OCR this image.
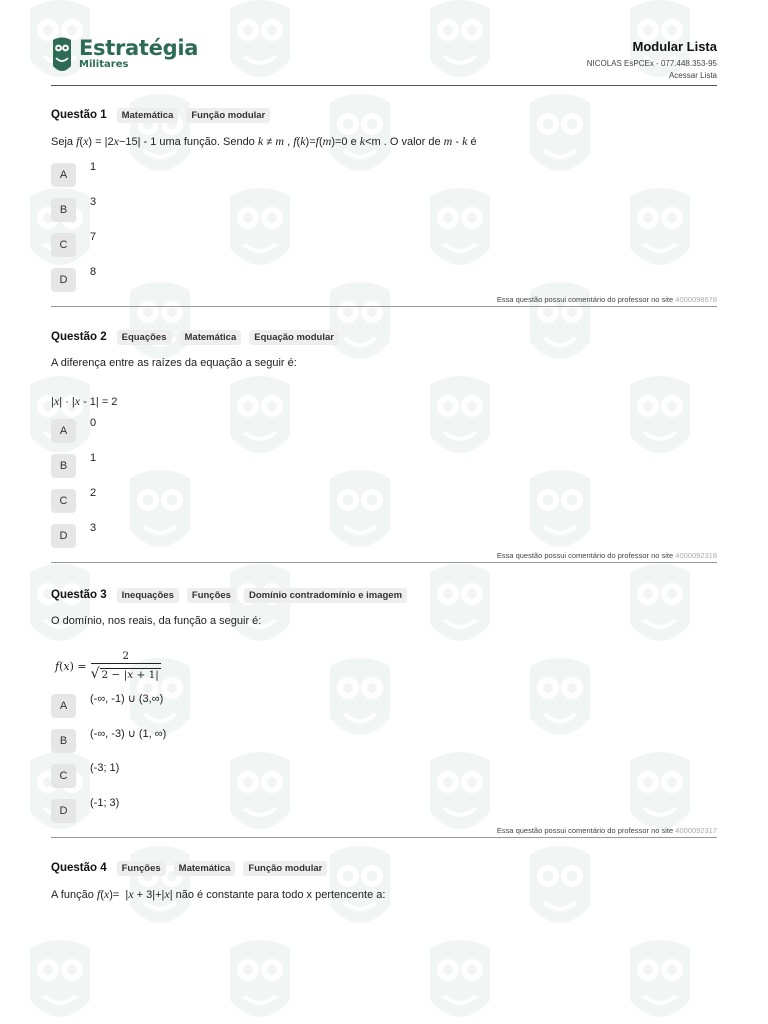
Estratégia
Militares
Modular Lista
NICOLAS EsPCEx - 077.448.353-95
Acessar Lista
Questão 1	Matemática	Função modular
Seja f(x) = |2x−15| - 1 uma função. Sendo k ≠ m , f(k)=f(m)=0 e k<m . O valor de m - k é
A
1
B
3
C
7
D
8
Essa questão possui comentário do professor no site 4000098678
Questão 2	Equações	Matemática	Equação modular
A diferença entre as raízes da equação a seguir é:
|x| · |x - 1| = 2
A
0
B
1
C
2
D
3
Essa questão possui comentário do professor no site 4000092318
Questão 3	Inequações	Funções	Domínio contradomínio e imagem
O domínio, nos reais, da função a seguir é:
$f(x) = \frac{2}{√ 2 - |x + 1|}$
A
(-∞, -1) ∪ (3,∞)
B
(-∞, -3) ∪ (1, ∞)
C
(-3; 1)
D
(-1; 3)
Essa questão possui comentário do professor no site 4000092317
Questão 4	Funções	Matemática	Função modular
A função f(x)=  |x + 3|+|x| não é constante para todo x pertencente a:
